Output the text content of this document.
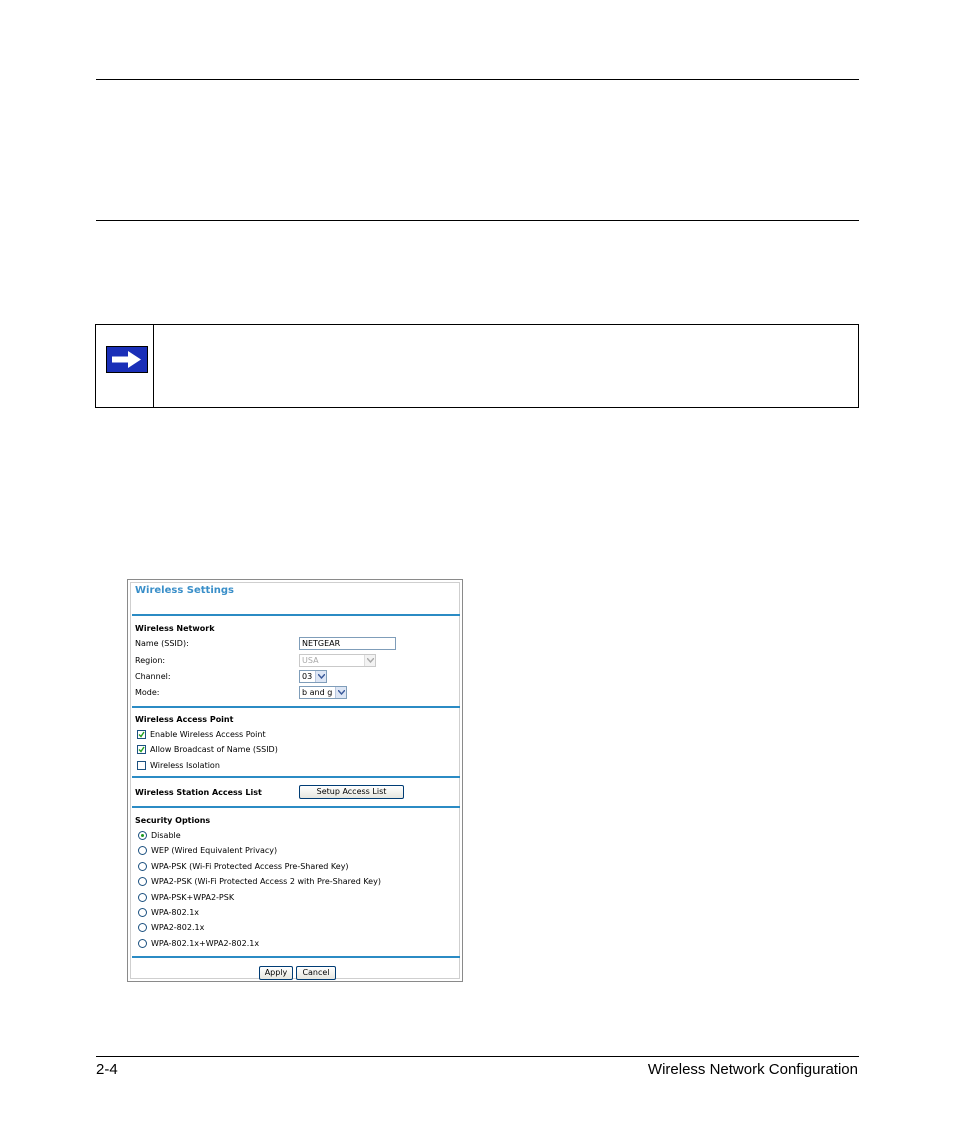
Wireless Settings
Wireless Network
Name (SSID):	NETGEAR
Region:	USA
Channel:	03
Mode:	b and g
Wireless Access Point
Enable Wireless Access Point
Allow Broadcast of Name (SSID)
Wireless Isolation
Wireless Station Access List	Setup Access List
Security Options
Disable
WEP (Wired Equivalent Privacy)
WPA-PSK (Wi-Fi Protected Access Pre-Shared Key)
WPA2-PSK (Wi-Fi Protected Access 2 with Pre-Shared Key)
WPA-PSK+WPA2-PSK
WPA-802.1x
WPA2-802.1x
WPA-802.1x+WPA2-802.1x
Apply	Cancel
2-4	Wireless Network Configuration
